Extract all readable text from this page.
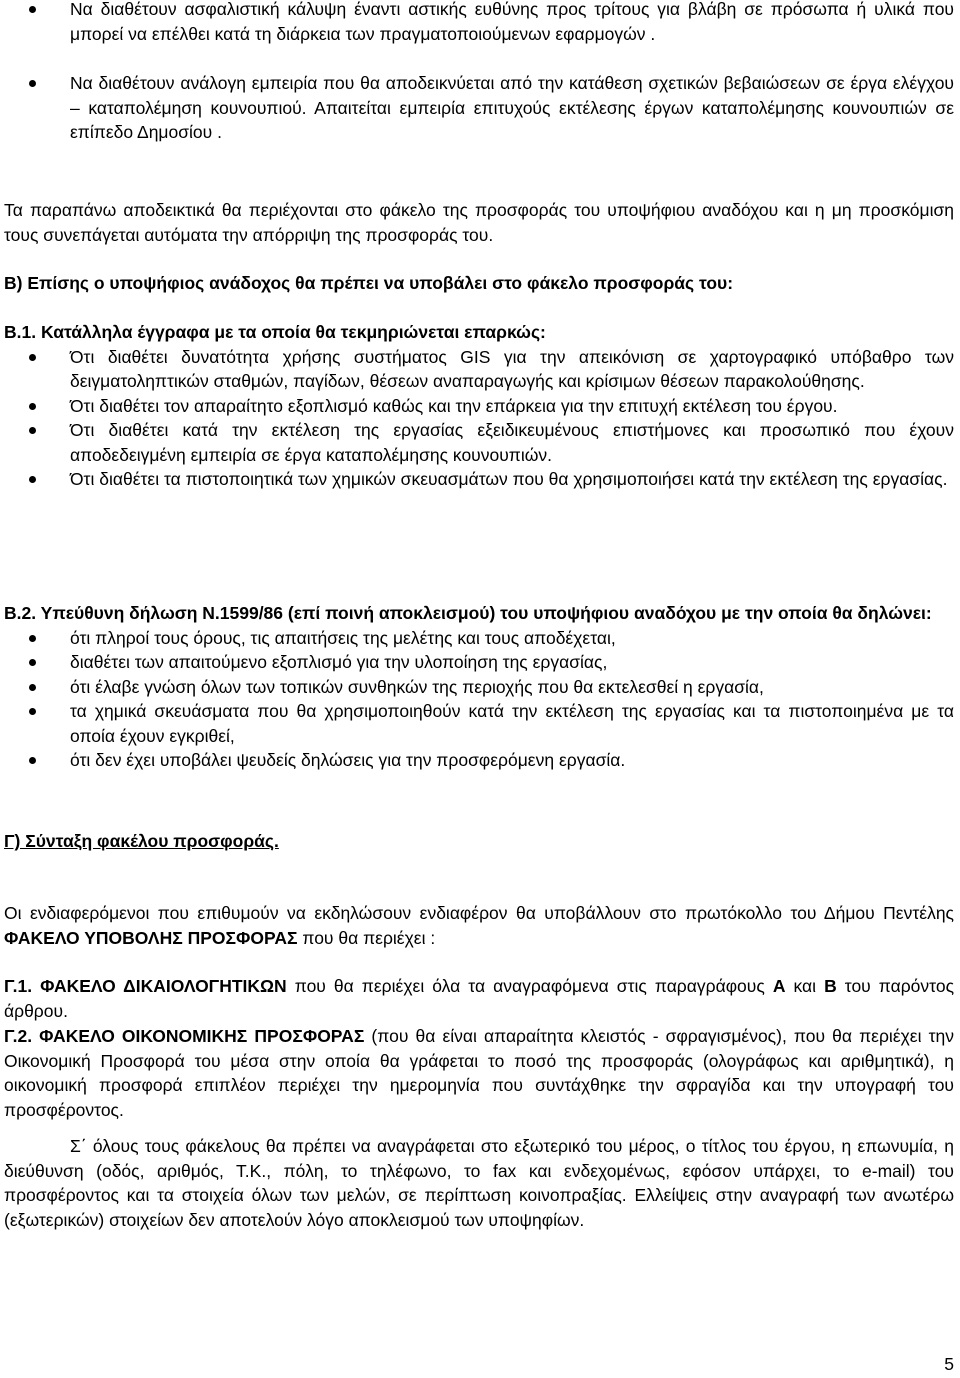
Να διαθέτουν ασφαλιστική κάλυψη έναντι αστικής ευθύνης προς τρίτους για βλάβη σε πρόσωπα ή υλικά που μπορεί να επέλθει κατά τη διάρκεια των πραγματοποιούμενων εφαρμογών .
Να διαθέτουν ανάλογη εμπειρία που θα αποδεικνύεται από την κατάθεση σχετικών βεβαιώσεων σε έργα ελέγχου – καταπολέμηση κουνουπιού. Απαιτείται εμπειρία επιτυχούς εκτέλεσης έργων καταπολέμησης κουνουπιών σε επίπεδο Δημοσίου .

Τα παραπάνω αποδεικτικά θα περιέχονται στο φάκελο της προσφοράς του υποψήφιου αναδόχου και η μη προσκόμιση τους συνεπάγεται αυτόματα την απόρριψη της προσφοράς του.

Β) Επίσης ο υποψήφιος ανάδοχος θα πρέπει να υποβάλει στο φάκελο προσφοράς του:

Β.1. Κατάλληλα έγγραφα με τα οποία θα τεκμηριώνεται επαρκώς:

Ότι διαθέτει δυνατότητα χρήσης συστήματος GIS για την απεικόνιση σε χαρτογραφικό υπόβαθρο των δειγματοληπτικών σταθμών, παγίδων, θέσεων αναπαραγωγής και κρίσιμων θέσεων παρακολούθησης.
Ότι διαθέτει τον απαραίτητο εξοπλισμό καθώς και την επάρκεια για την επιτυχή εκτέλεση του έργου.
Ότι διαθέτει κατά την εκτέλεση της εργασίας εξειδικευμένους επιστήμονες και προσωπικό που έχουν αποδεδειγμένη εμπειρία σε έργα καταπολέμησης κουνουπιών.
Ότι διαθέτει τα πιστοποιητικά των χημικών σκευασμάτων που θα χρησιμοποιήσει κατά την εκτέλεση της εργασίας.

Β.2. Υπεύθυνη δήλωση Ν.1599/86 (επί ποινή αποκλεισμού) του υποψήφιου αναδόχου με την οποία θα δηλώνει:

ότι πληροί τους όρους, τις απαιτήσεις της μελέτης και τους αποδέχεται,
διαθέτει των απαιτούμενο εξοπλισμό για την υλοποίηση της εργασίας,
ότι έλαβε γνώση όλων των τοπικών συνθηκών της περιοχής που θα εκτελεσθεί η εργασία,
τα χημικά σκευάσματα που θα χρησιμοποιηθούν κατά την εκτέλεση της εργασίας και τα πιστοποιημένα με τα οποία έχουν εγκριθεί,
ότι δεν έχει υποβάλει ψευδείς δηλώσεις για την προσφερόμενη εργασία.

Γ) Σύνταξη φακέλου προσφοράς.

Οι ενδιαφερόμενοι που επιθυμούν να εκδηλώσουν ενδιαφέρον θα υποβάλλουν στο πρωτόκολλο του Δήμου Πεντέλης ΦΑΚΕΛΟ ΥΠΟΒΟΛΗΣ ΠΡΟΣΦΟΡΑΣ που θα περιέχει :

Γ.1. ΦΑΚΕΛΟ ΔΙΚΑΙΟΛΟΓΗΤΙΚΩΝ που θα περιέχει όλα τα αναγραφόμενα στις παραγράφους Α και Β του παρόντος άρθρου.

Γ.2. ΦΑΚΕΛΟ ΟΙΚΟΝΟΜΙΚΗΣ ΠΡΟΣΦΟΡΑΣ (που θα είναι απαραίτητα κλειστός - σφραγισμένος), που θα περιέχει την Οικονομική Προσφορά του μέσα στην οποία θα γράφεται το ποσό της προσφοράς (ολογράφως και αριθμητικά), η οικονομική προσφορά επιπλέον περιέχει την ημερομηνία που συντάχθηκε την σφραγίδα και την υπογραφή του προσφέροντος.

Σ΄ όλους τους φάκελους θα πρέπει να αναγράφεται στο εξωτερικό του μέρος, ο τίτλος του έργου, η επωνυμία, η διεύθυνση (οδός, αριθμός, Τ.Κ., πόλη, το τηλέφωνο, το fax και ενδεχομένως, εφόσον υπάρχει, το e-mail) του προσφέροντος και τα στοιχεία όλων των μελών, σε περίπτωση κοινοπραξίας. Ελλείψεις στην αναγραφή των ανωτέρω (εξωτερικών) στοιχείων δεν αποτελούν λόγο αποκλεισμού των υποψηφίων.

5
